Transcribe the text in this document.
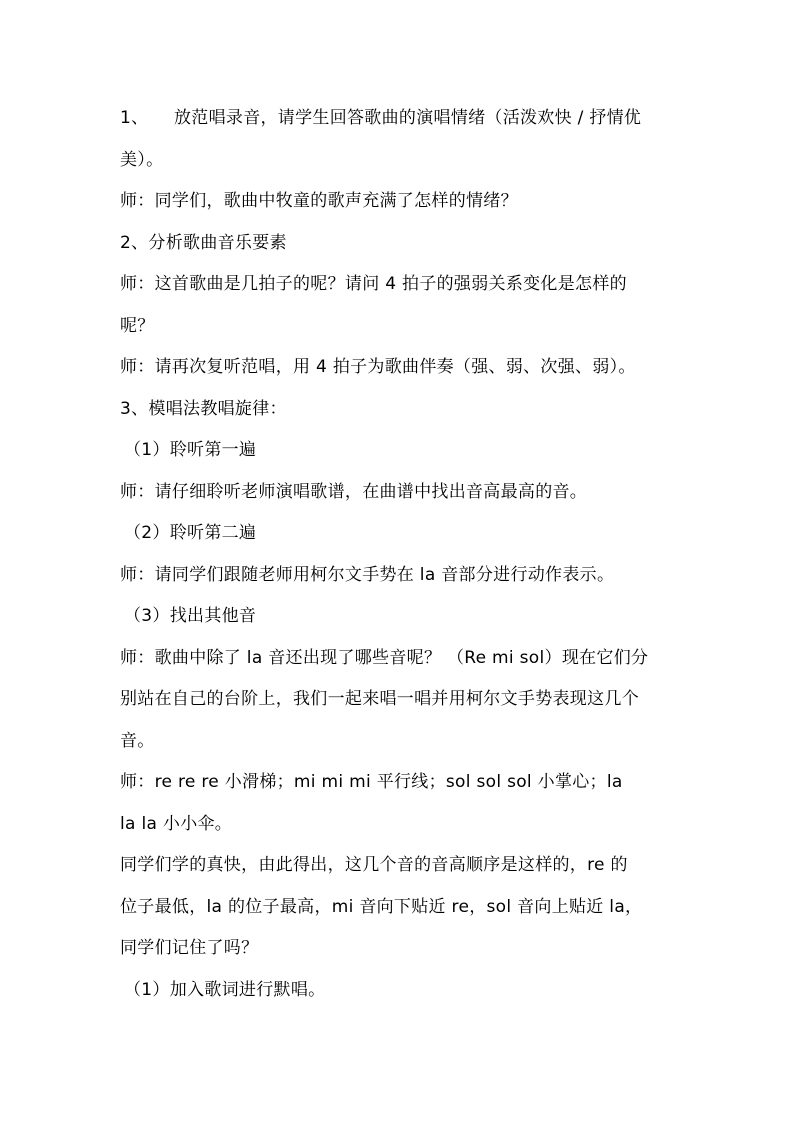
1、 放范唱录音，请学生回答歌曲的演唱情绪（活泼欢快 / 抒情优
美）。
师：同学们，歌曲中牧童的歌声充满了怎样的情绪？
2、分析歌曲音乐要素
师：这首歌曲是几拍子的呢？请问 4 拍子的强弱关系变化是怎样的
呢？
师：请再次复听范唱，用 4 拍子为歌曲伴奏（强、弱、次强、弱）。
3、模唱法教唱旋律：
（1）聆听第一遍
师：请仔细聆听老师演唱歌谱，在曲谱中找出音高最高的音。
（2）聆听第二遍
师：请同学们跟随老师用柯尔文手势在 la 音部分进行动作表示。
（3）找出其他音
师：歌曲中除了 la 音还出现了哪些音呢？ （Re mi sol）现在它们分
别站在自己的台阶上，我们一起来唱一唱并用柯尔文手势表现这几个
音。
师：re re re 小滑梯；mi mi mi 平行线；sol sol sol 小掌心；la
la la 小小伞。
同学们学的真快，由此得出，这几个音的音高顺序是这样的，re 的
位子最低，la 的位子最高，mi 音向下贴近 re，sol 音向上贴近 la，
同学们记住了吗？
（1）加入歌词进行默唱。
